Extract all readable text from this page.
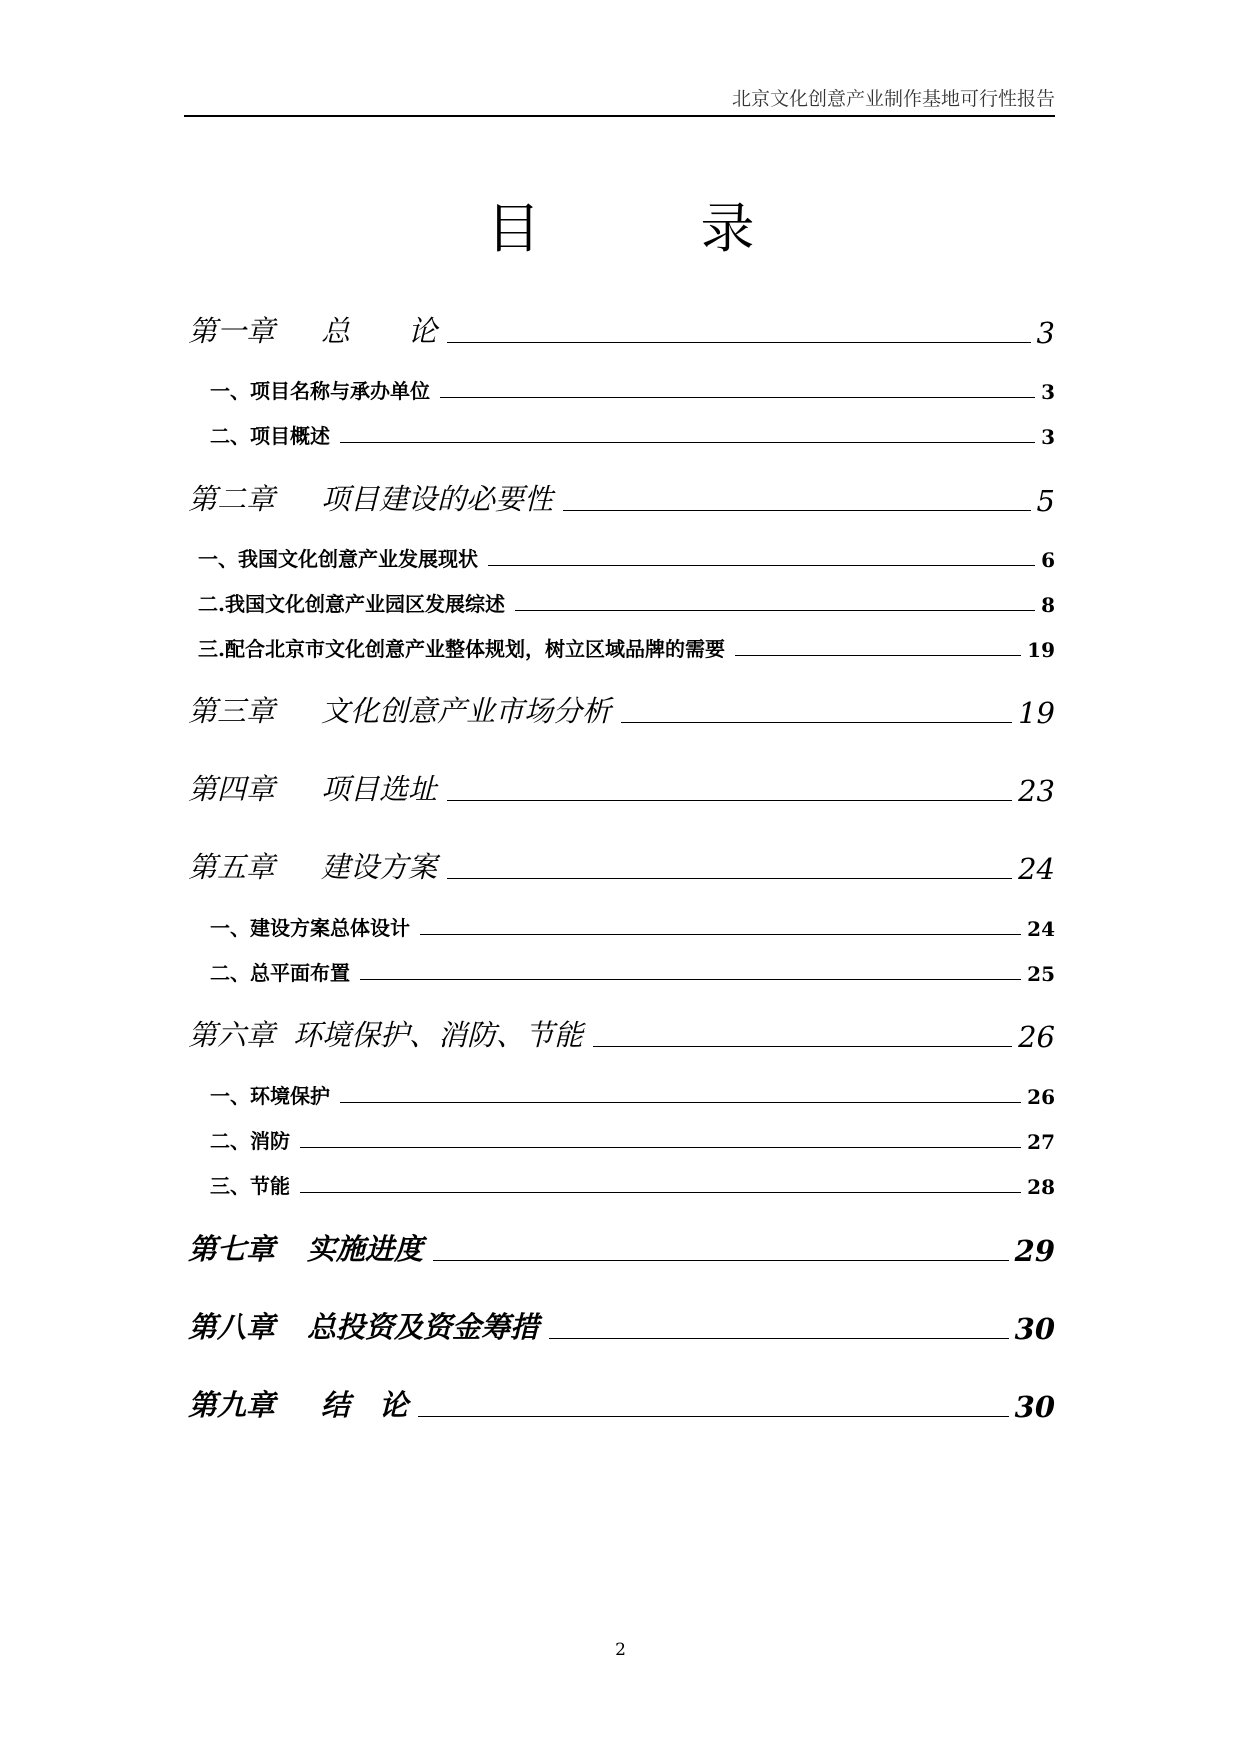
北京文化创意产业制作基地可行性报告
目录
第一章 总　　论	3
一、项目名称与承办单位	3
二、项目概述	3
第二章 项目建设的必要性	5
一、我国文化创意产业发展现状	6
二.我国文化创意产业园区发展综述	8
三.配合北京市文化创意产业整体规划，树立区域品牌的需要	19
第三章 文化创意产业市场分析	19
第四章 项目选址	23
第五章 建设方案	24
一、建设方案总体设计	24
二、总平面布置	25
第六章 环境保护、消防、节能	26
一、环境保护	26
二、消防	27
三、节能	28
第七章 实施进度	29
第八章 总投资及资金筹措	30
第九章 结　论	30
2
